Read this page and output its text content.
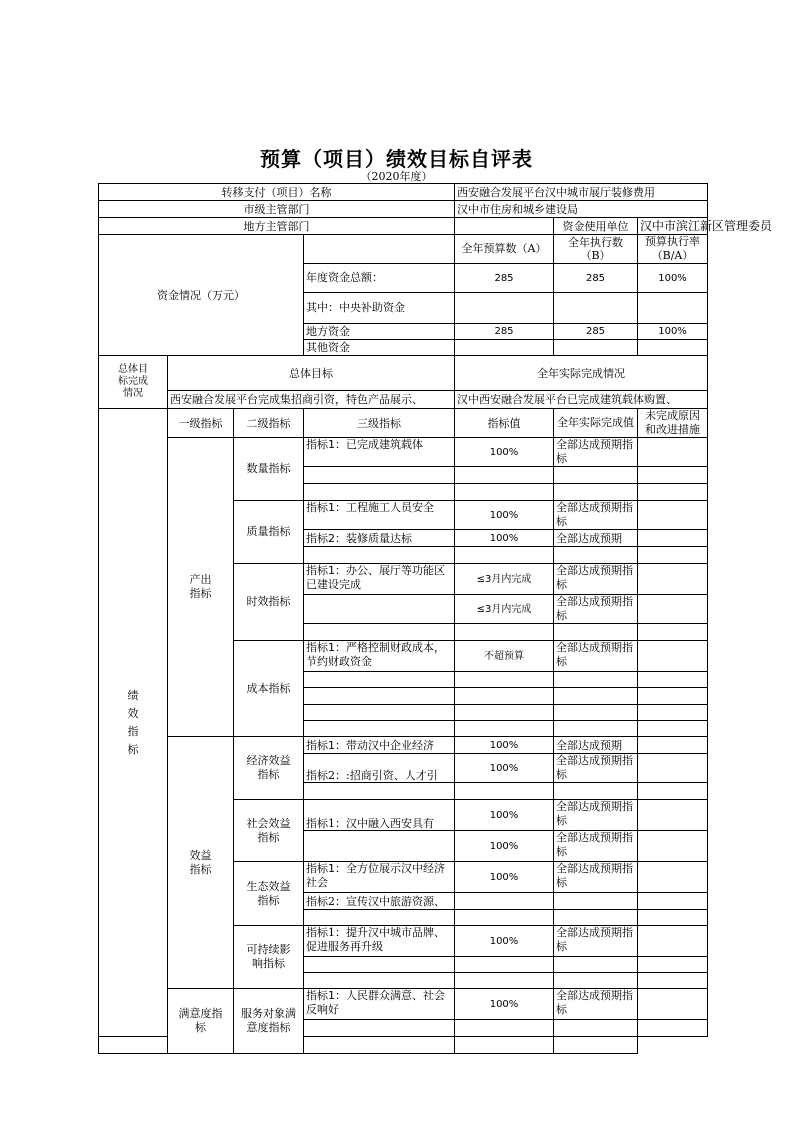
预算（项目）绩效目标自评表
（2020年度）
转移支付（项目）名称				西安融合发展平台汉中城市展厅装修费用		
市级主管部门				汉中市住房和城乡建设局		
地方主管部门					资金使用单位	汉中市滨江新区管理委员
资金情况（万元）				全年预算数（A）	全年执行数（B）	预算执行率（B/A）
			年度资金总额：	285	285	100%
			其中：中央补助资金			
			地方资金	285	285	100%
			其他资金			
总体目标完成情况	总体目标			全年实际完成情况		
	西安融合发展平台完成集招商引资，特色产品展示、			汉中西安融合发展平台已完成建筑载体购置、		
绩效指标	一级指标	二级指标	三级指标	指标值	全年实际完成值	未完成原因和改进措施
	产出指标	数量指标	指标1：已完成建筑载体	100%	全部达成预期指标	

		质量指标	指标1：工程施工人员安全	100%	全部达成预期指标	

			指标2：装修质量达标	100%	全部达成预期	

		时效指标	指标1：办公、展厅等功能区已建设完成	≤3月内完成	全部达成预期指标	

				≤3月内完成	全部达成预期指标	

		成本指标	指标1：严格控制财政成本，节约财政资金	不超预算	全部达成预期指标	

	效益指标	经济效益指标	指标1：带动汉中企业经济	100%	全部达成预期	
			指标2：:招商引资、人才引	100%	全部达成预期指标	

		社会效益指标	指标1：汉中融入西安具有	100%	全部达成预期指标	

				100%	全部达成预期指标	

		生态效益指标	指标1：全方位展示汉中经济社会	100%	全部达成预期指标	

			指标2：宣传汉中旅游资源、			

		可持续影响指标	指标1：提升汉中城市品牌、促进服务再升级	100%	全部达成预期指标	

	满意度指标	服务对象满意度指标	指标1：人民群众满意、社会反响好	100%	全部达成预期指标	
